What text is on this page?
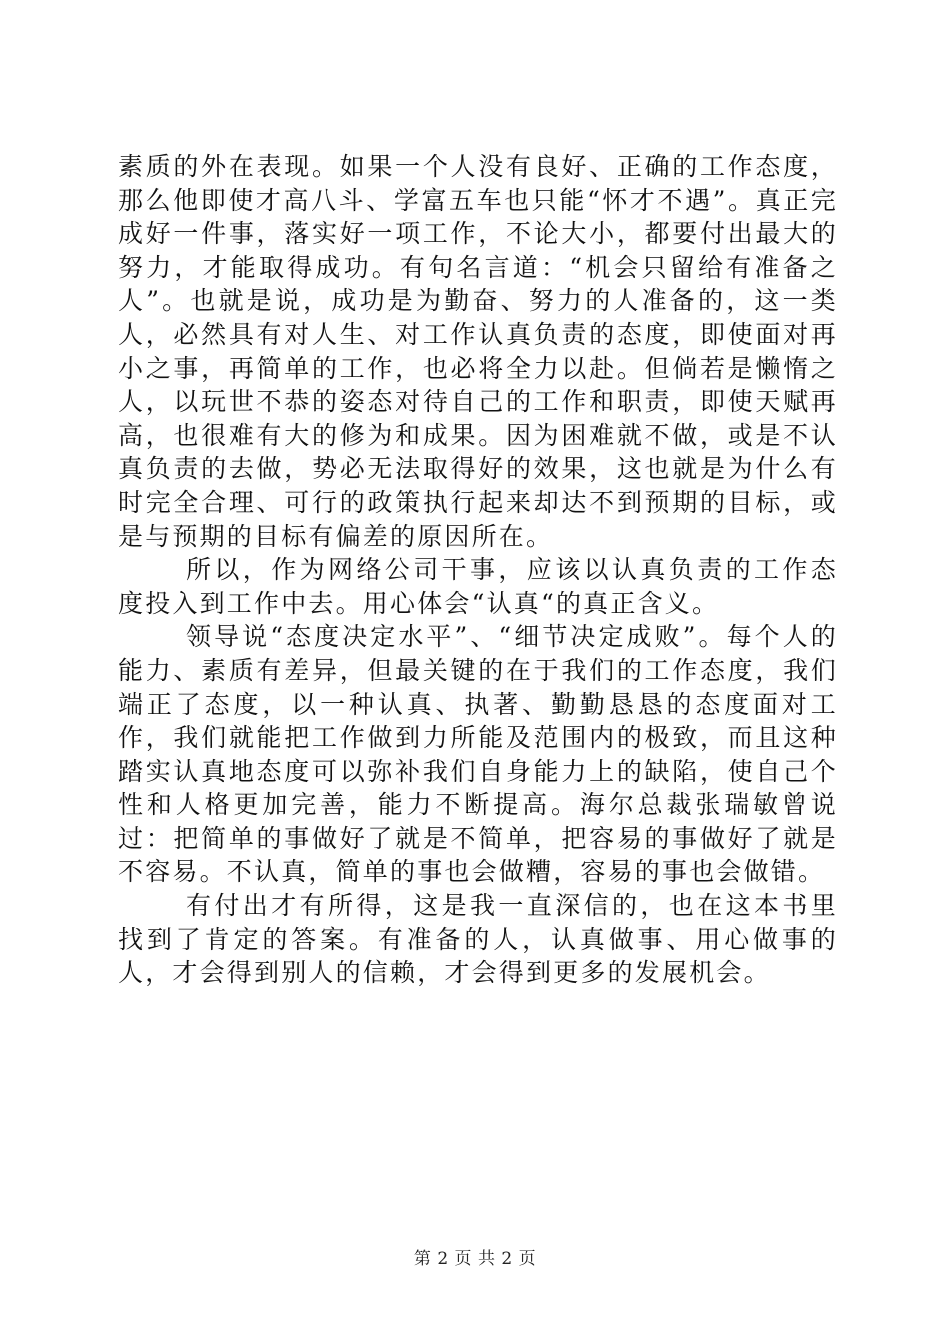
素质的外在表现。如果一个人没有良好、正确的工作态度，那么他即使才高八斗、学富五车也只能“怀才不遇”。真正完成好一件事，落实好一项工作，不论大小，都要付出最大的努力，才能取得成功。有句名言道：“机会只留给有准备之人”。也就是说，成功是为勤奋、努力的人准备的，这一类人，必然具有对人生、对工作认真负责的态度，即使面对再小之事，再简单的工作，也必将全力以赴。但倘若是懒惰之人，以玩世不恭的姿态对待自己的工作和职责，即使天赋再高，也很难有大的修为和成果。因为困难就不做，或是不认真负责的去做，势必无法取得好的效果，这也就是为什么有时完全合理、可行的政策执行起来却达不到预期的目标，或是与预期的目标有偏差的原因所在。

所以，作为网络公司干事，应该以认真负责的工作态度投入到工作中去。用心体会“认真“的真正含义。

领导说“态度决定水平”、“细节决定成败”。每个人的能力、素质有差异，但最关键的在于我们的工作态度，我们端正了态度，以一种认真、执著、勤勤恳恳的态度面对工作，我们就能把工作做到力所能及范围内的极致，而且这种踏实认真地态度可以弥补我们自身能力上的缺陷，使自己个性和人格更加完善，能力不断提高。海尔总裁张瑞敏曾说过：把简单的事做好了就是不简单，把容易的事做好了就是不容易。不认真，简单的事也会做糟，容易的事也会做错。

有付出才有所得，这是我一直深信的，也在这本书里找到了肯定的答案。有准备的人，认真做事、用心做事的人，才会得到别人的信赖，才会得到更多的发展机会。

第 2 页 共 2 页
